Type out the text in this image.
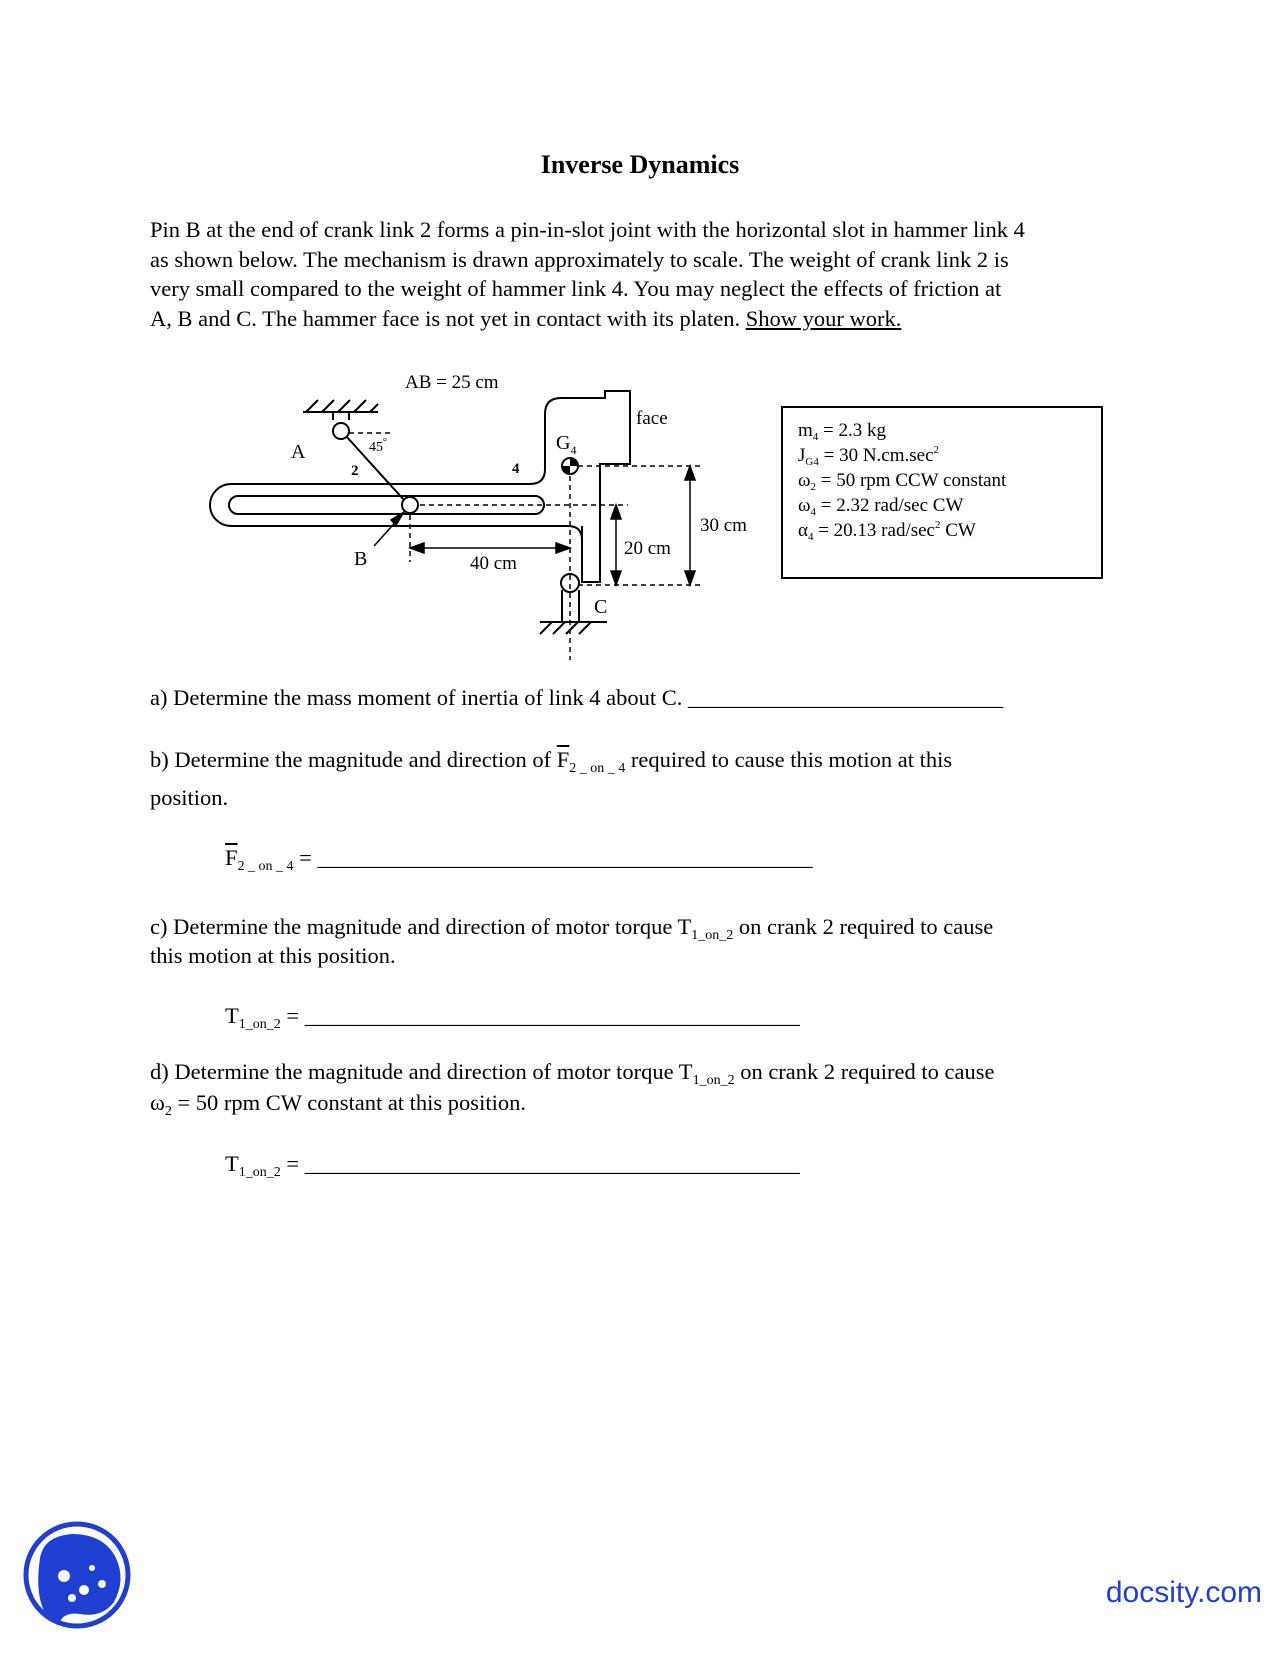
Inverse Dynamics
Pin B at the end of crank link 2 forms a pin-in-slot joint with the horizontal slot in hammer link 4
as shown below. The mechanism is drawn approximately to scale. The weight of crank link 2 is
very small compared to the weight of hammer link 4. You may neglect the effects of friction at
A, B and C. The hammer face is not yet in contact with its platen. Show your work.
AB = 25 cm
A
B
C
2	4
45°	$G_4$
face
40 cm
20 cm
30 cm
$m_4 = 2.3$ kg
$J_{G4} = 30$ $N.cm.\sec^2$
$\omega_2 = 50$ rpm CCW constant
$\omega_4 = 2.32$ rad/sec CW
$\alpha_4 = 20.13$ rad/$\sec^2$ CW
a) Determine the mass moment of inertia of link 4 about C. ____________________________
b) Determine the magnitude and direction of $\overline{F}_{2 \_ on \_ 4}$ required to cause this motion at this
position.
$\overline{F}_{2 \_ on \_ 4}$ = ____________________________________________
c) Determine the magnitude and direction of motor torque $T_{1\_on\_2}$ on crank 2 required to cause
this motion at this position.
$T_{1\_on\_2}$ = ____________________________________________
d) Determine the magnitude and direction of motor torque $T_{1\_on\_2}$ on crank 2 required to cause
$\omega_2 = 50$ rpm CW constant at this position.
$T_{1\_on\_2}$ = ____________________________________________
docsity.com
